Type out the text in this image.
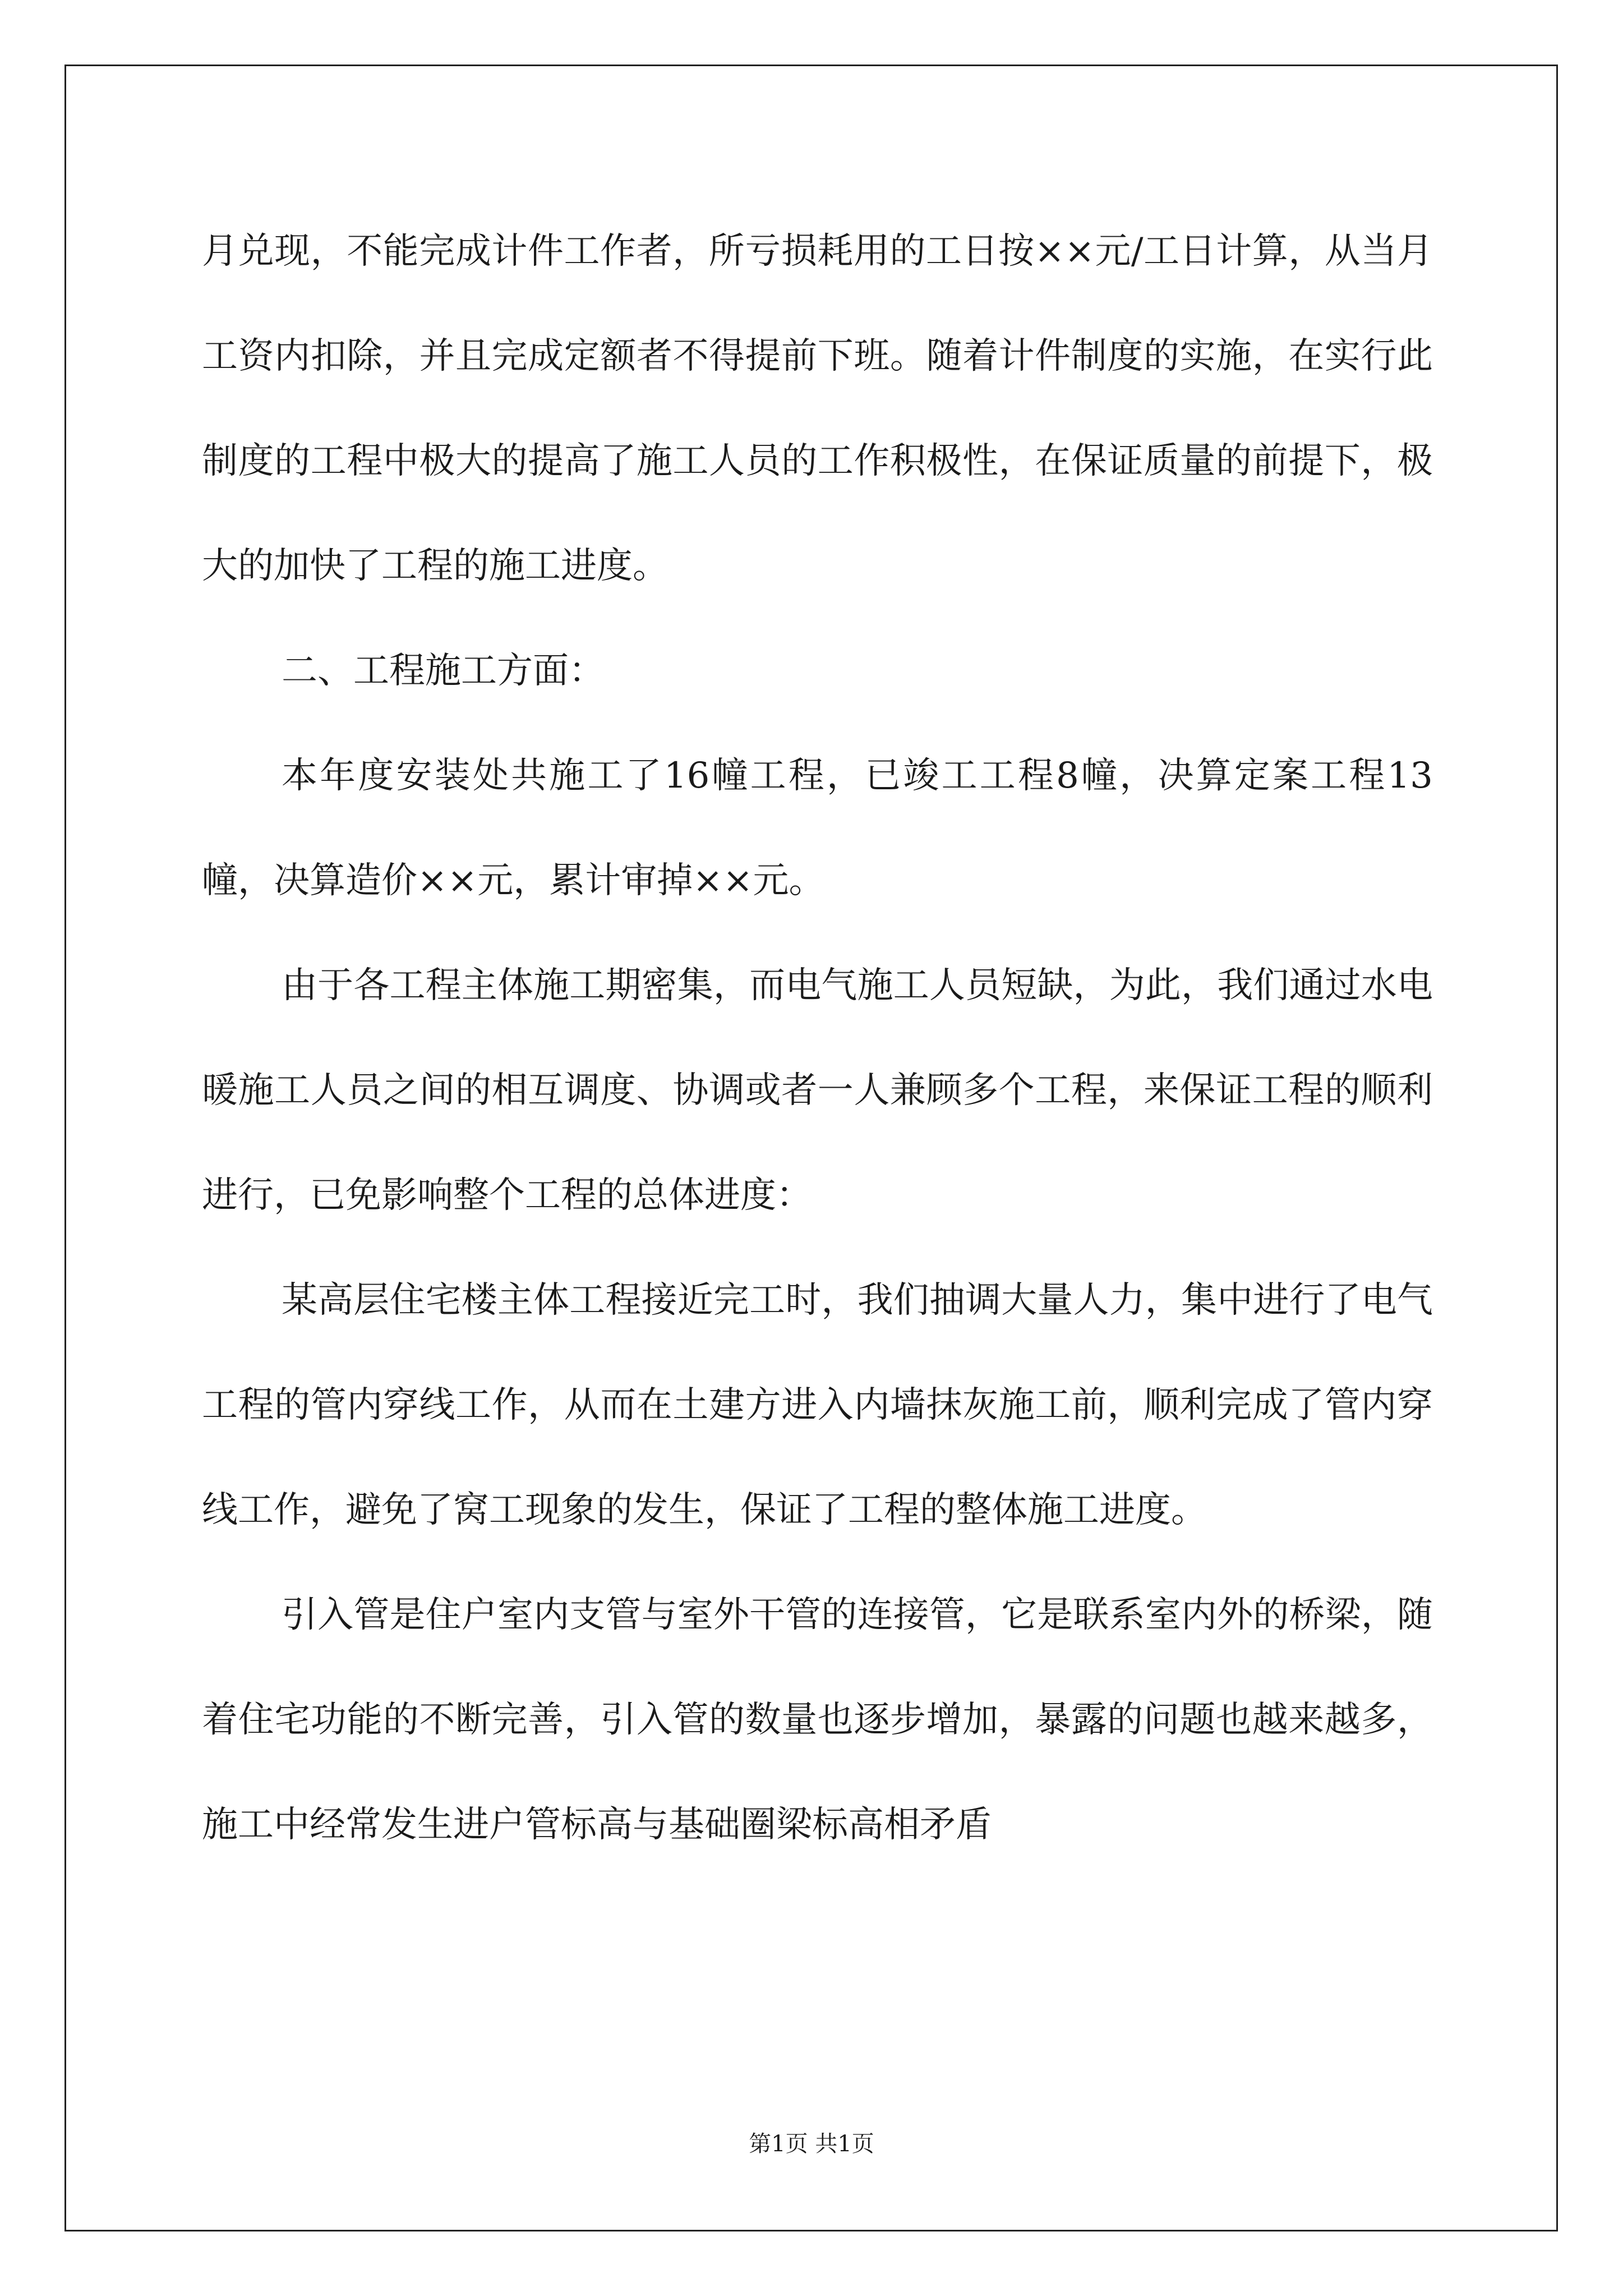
月兑现，不能完成计件工作者，所亏损耗用的工日按××元/工日计算，从当月工资内扣除，并且完成定额者不得提前下班。随着计件制度的实施，在实行此制度的工程中极大的提高了施工人员的工作积极性，在保证质量的前提下，极大的加快了工程的施工进度。

二、工程施工方面：

本年度安装处共施工了16幢工程，已竣工工程8幢，决算定案工程13幢，决算造价××元，累计审掉××元。

由于各工程主体施工期密集，而电气施工人员短缺，为此，我们通过水电暖施工人员之间的相互调度、协调或者一人兼顾多个工程，来保证工程的顺利进行，已免影响整个工程的总体进度：

某高层住宅楼主体工程接近完工时，我们抽调大量人力，集中进行了电气工程的管内穿线工作，从而在土建方进入内墙抹灰施工前，顺利完成了管内穿线工作，避免了窝工现象的发生，保证了工程的整体施工进度。

引入管是住户室内支管与室外干管的连接管，它是联系室内外的桥梁，随着住宅功能的不断完善，引入管的数量也逐步增加，暴露的问题也越来越多，施工中经常发生进户管标高与基础圈梁标高相矛盾

第1页 共1页
